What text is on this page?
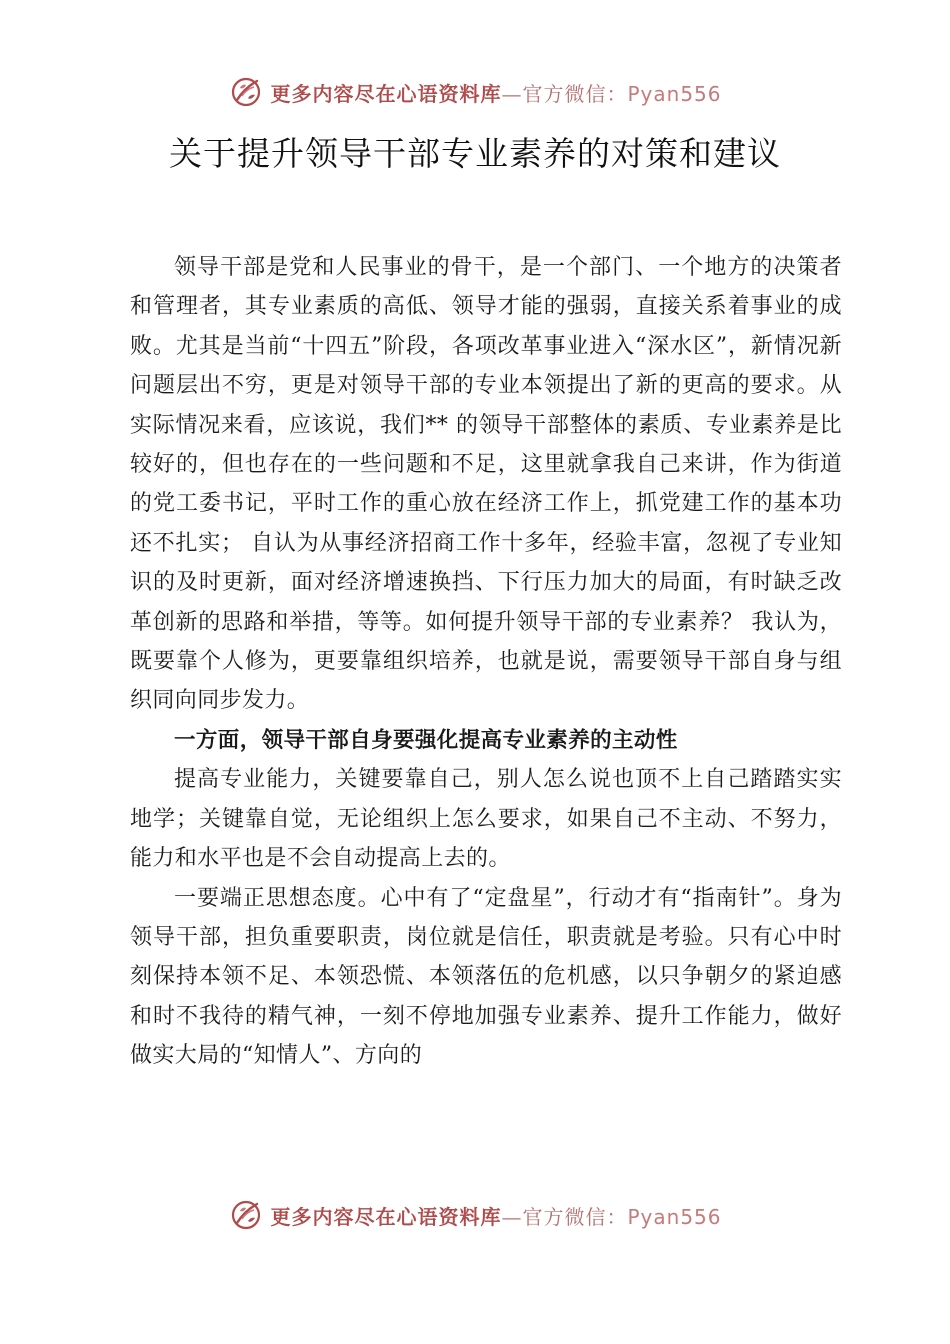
更多内容尽在心语资料库—官方微信：Pyan556
关于提升领导干部专业素养的对策和建议

领导干部是党和人民事业的骨干，是一个部门、一个地方的决策者和管理者，其专业素质的高低、领导才能的强弱，直接关系着事业的成败。尤其是当前“十四五”阶段，各项改革事业进入“深水区”，新情况新问题层出不穷，更是对领导干部的专业本领提出了新的更高的要求。从实际情况来看，应该说，我们** 的领导干部整体的素质、专业素养是比较好的，但也存在的一些问题和不足，这里就拿我自己来讲，作为街道的党工委书记，平时工作的重心放在经济工作上，抓党建工作的基本功还不扎实； 自认为从事经济招商工作十多年，经验丰富，忽视了专业知识的及时更新，面对经济增速换挡、下行压力加大的局面，有时缺乏改革创新的思路和举措，等等。如何提升领导干部的专业素养？ 我认为，既要靠个人修为，更要靠组织培养，也就是说，需要领导干部自身与组织同向同步发力。

一方面，领导干部自身要强化提高专业素养的主动性

提高专业能力，关键要靠自己，别人怎么说也顶不上自己踏踏实实地学；关键靠自觉，无论组织上怎么要求，如果自己不主动、不努力，能力和水平也是不会自动提高上去的。

一要端正思想态度。心中有了“定盘星”，行动才有“指南针”。身为领导干部，担负重要职责，岗位就是信任，职责就是考验。只有心中时刻保持本领不足、本领恐慌、本领落伍的危机感，以只争朝夕的紧迫感和时不我待的精气神，一刻不停地加强专业素养、提升工作能力，做好做实大局的“知情人”、方向的

更多内容尽在心语资料库—官方微信：Pyan556
